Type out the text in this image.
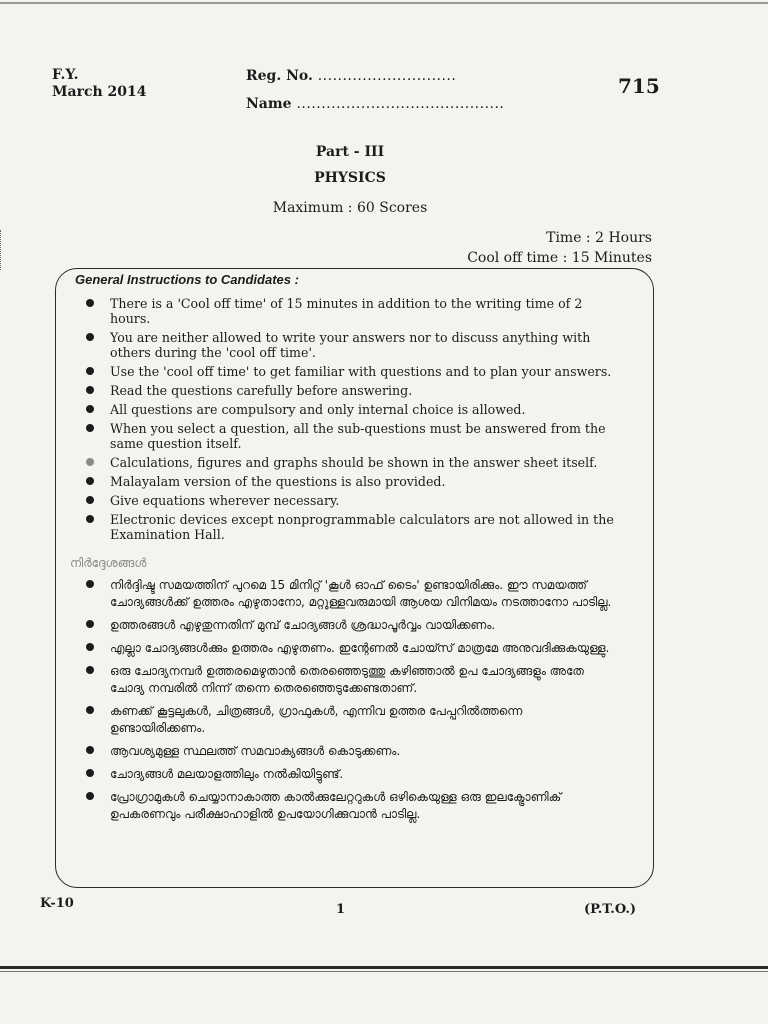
F.Y.
March 2014
Reg. No. ............................
Name ..........................................
715
Part - III
PHYSICS
Maximum : 60 Scores
Time : 2 Hours
Cool off time : 15 Minutes
General Instructions to Candidates :
There is a 'Cool off time' of 15 minutes in addition to the writing time of 2 hours.
You are neither allowed to write your answers nor to discuss anything with others during the 'cool off time'.
Use the 'cool off time' to get familiar with questions and to plan your answers.
Read the questions carefully before answering.
All questions are compulsory and only internal choice is allowed.
When you select a question, all the sub-questions must be answered from the same question itself.
Calculations, figures and graphs should be shown in the answer sheet itself.
Malayalam version of the questions is also provided.
Give equations wherever necessary.
Electronic devices except nonprogrammable calculators are not allowed in the Examination Hall.
നിർദ്ദേശങ്ങൾ
നിർദ്ദിഷ്ട സമയത്തിന് പുറമെ 15 മിനിറ്റ് 'കൂൾ ഓഫ് ടൈം' ഉണ്ടായിരിക്കും. ഈ സമയത്ത് ചോദ്യങ്ങൾക്ക് ഉത്തരം എഴുതാനോ, മറ്റുള്ളവരുമായി ആശയ വിനിമയം നടത്താനോ പാടില്ല.
ഉത്തരങ്ങൾ എഴുതുന്നതിന് മുമ്പ് ചോദ്യങ്ങൾ ശ്രദ്ധാപൂർവ്വം വായിക്കണം.
എല്ലാ ചോദ്യങ്ങൾക്കും ഉത്തരം എഴുതണം. ഇന്റേണൽ ചോയ്സ് മാത്രമേ അനുവദിക്കുകയുള്ളു.
ഒരു ചോദ്യനമ്പർ ഉത്തരമെഴുതാൻ തെരഞ്ഞെടുത്തു കഴിഞ്ഞാൽ ഉപ ചോദ്യങ്ങളും അതേ ചോദ്യ നമ്പരിൽ നിന്ന് തന്നെ തെരഞ്ഞെടുക്കേണ്ടതാണ്.
കണക്ക് കൂട്ടലുകൾ, ചിത്രങ്ങൾ, ഗ്രാഫുകൾ, എന്നിവ ഉത്തര പേപ്പറിൽത്തന്നെ ഉണ്ടായിരിക്കണം.
ആവശ്യമുള്ള സ്ഥലത്ത് സമവാക്യങ്ങൾ കൊടുക്കണം.
ചോദ്യങ്ങൾ മലയാളത്തിലും നൽകിയിട്ടുണ്ട്.
പ്രോഗ്രാമുകൾ ചെയ്യാനാകാത്ത കാൽക്കുലേറ്ററുകൾ ഒഴികെയുള്ള ഒരു ഇലക്ട്രോണിക് ഉപകരണവും പരീക്ഷാഹാളിൽ ഉപയോഗിക്കുവാൻ പാടില്ല.
K-10	1	(P.T.O.)
